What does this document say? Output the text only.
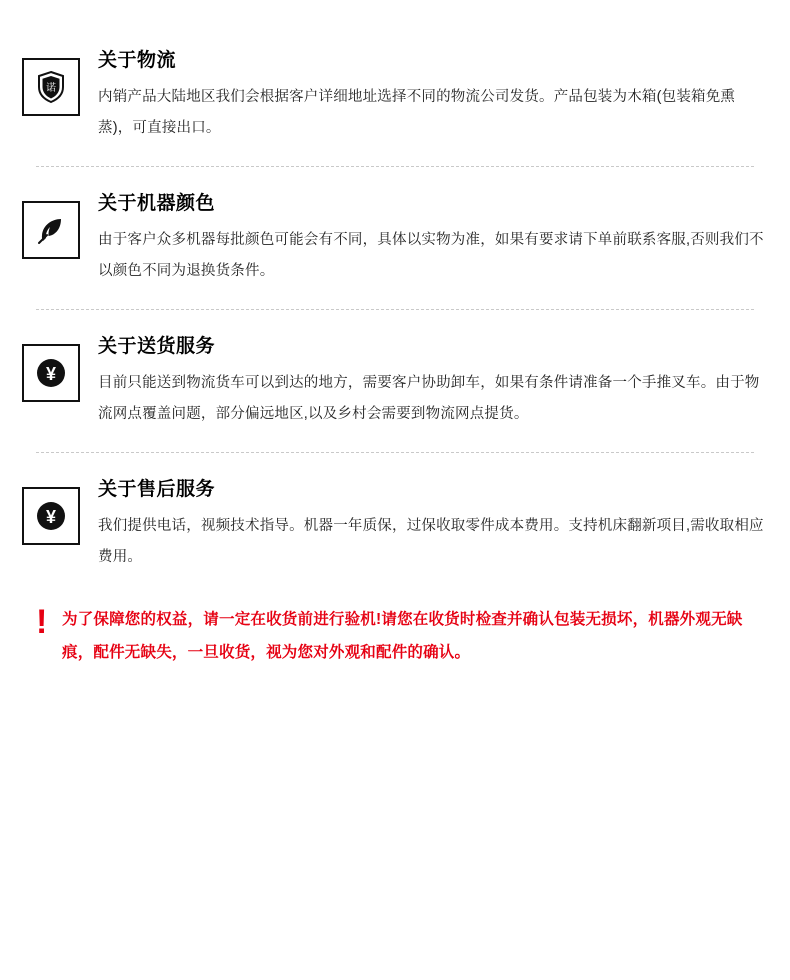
诺
关于物流

内销产品大陆地区我们会根据客户详细地址选择不同的物流公司发货。产品包装为木箱(包装箱免熏蒸)，可直接出口。

关于机器颜色

由于客户众多机器每批颜色可能会有不同，具体以实物为准，如果有要求请下单前联系客服,否则我们不以颜色不同为退换货条件。

¥
关于送货服务

目前只能送到物流货车可以到达的地方，需要客户协助卸车，如果有条件请准备一个手推叉车。由于物流网点覆盖问题，部分偏远地区,以及乡村会需要到物流网点提货。

¥
关于售后服务

我们提供电话，视频技术指导。机器一年质保，过保收取零件成本费用。支持机床翻新项目,需收取相应费用。

! 为了保障您的权益，请一定在收货前进行验机!请您在收货时检查并确认包装无损坏，机器外观无缺痕，配件无缺失，一旦收货，视为您对外观和配件的确认。
